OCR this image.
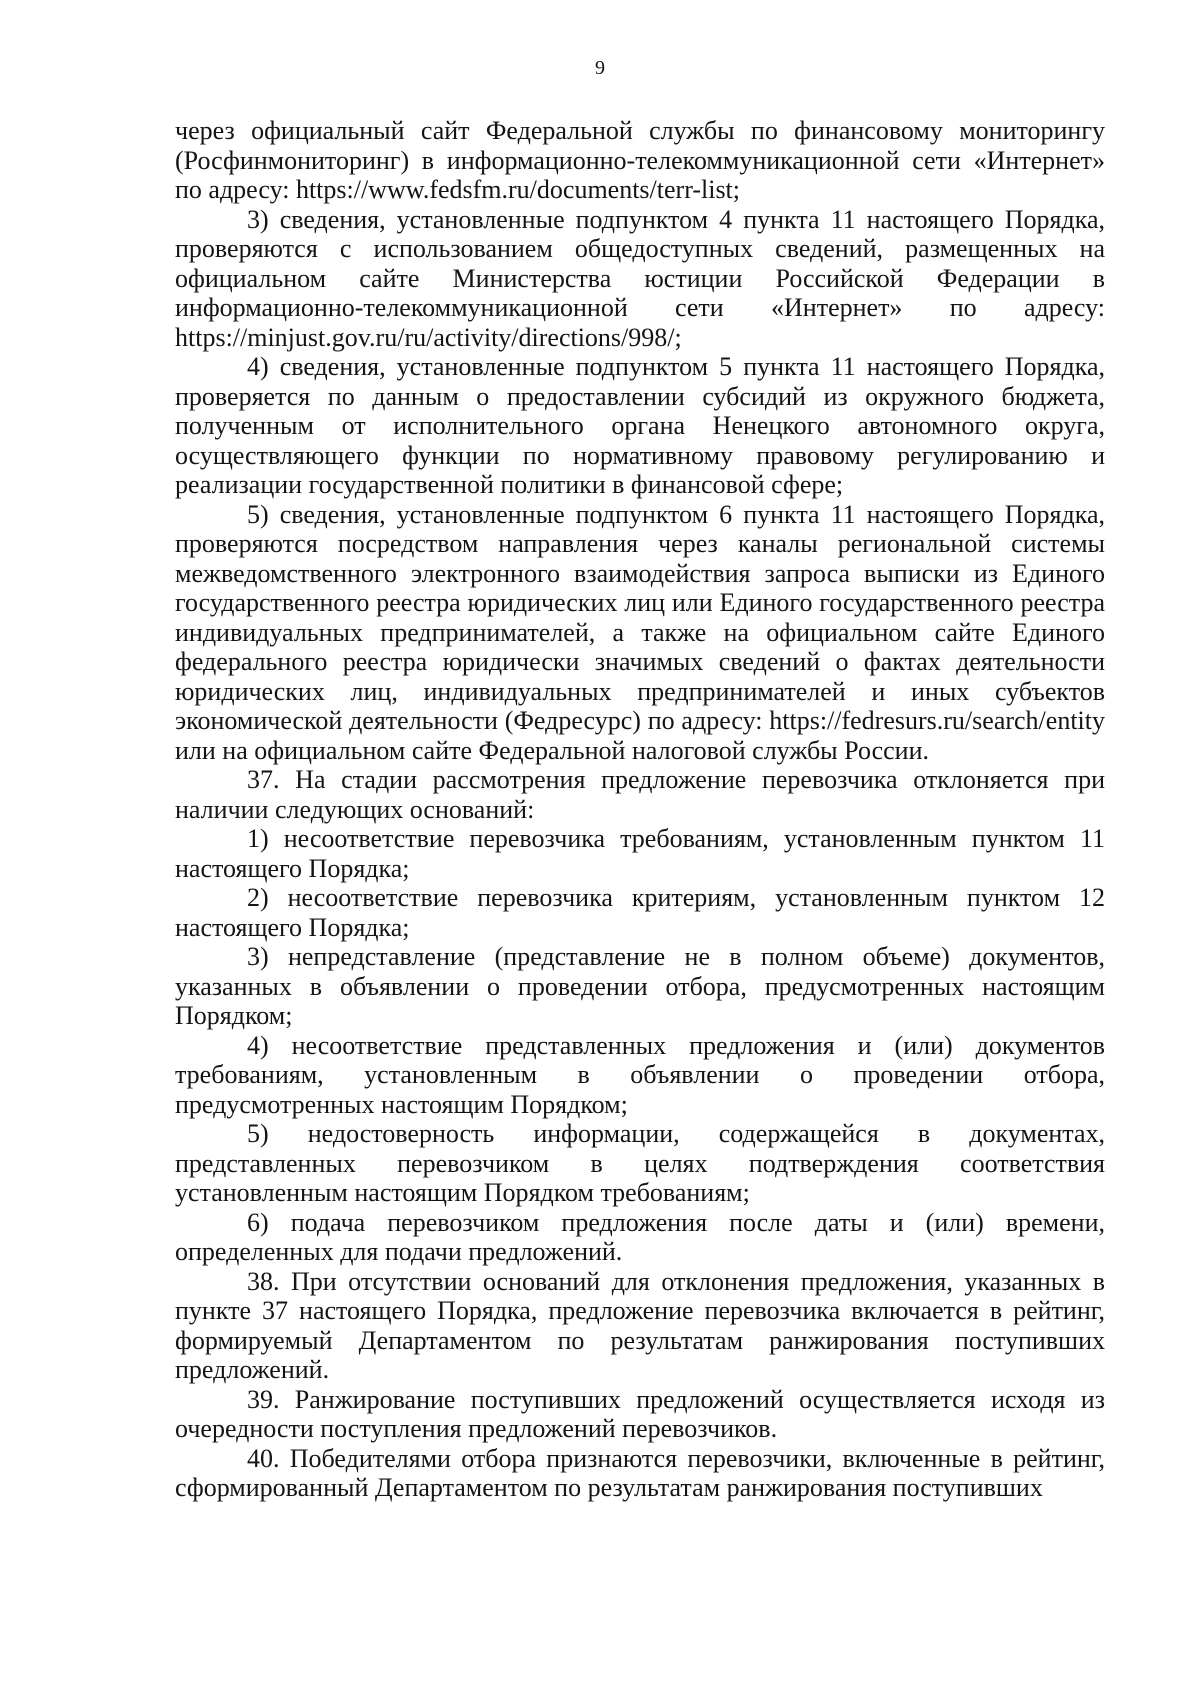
9

через официальный сайт Федеральной службы по финансовому мониторингу (Росфинмониторинг) в информационно-телекоммуникационной сети «Интернет» по адресу: https://www.fedsfm.ru/documents/terr-list;

3) сведения, установленные подпунктом 4 пункта 11 настоящего Порядка, проверяются с использованием общедоступных сведений, размещенных на официальном сайте Министерства юстиции Российской Федерации в информационно-телекоммуникационной сети «Интернет» по адресу: https://minjust.gov.ru/ru/activity/directions/998/;

4) сведения, установленные подпунктом 5 пункта 11 настоящего Порядка, проверяется по данным о предоставлении субсидий из окружного бюджета, полученным от исполнительного органа Ненецкого автономного округа, осуществляющего функции по нормативному правовому регулированию и реализации государственной политики в финансовой сфере;

5) сведения, установленные подпунктом 6 пункта 11 настоящего Порядка, проверяются посредством направления через каналы региональной системы межведомственного электронного взаимодействия запроса выписки из Единого государственного реестра юридических лиц или Единого государственного реестра индивидуальных предпринимателей, а также на официальном сайте Единого федерального реестра юридически значимых сведений о фактах деятельности юридических лиц, индивидуальных предпринимателей и иных субъектов экономической деятельности (Федресурс) по адресу: https://fedresurs.ru/search/entity или на официальном сайте Федеральной налоговой службы России.

37. На стадии рассмотрения предложение перевозчика отклоняется при наличии следующих оснований:

1) несоответствие перевозчика требованиям, установленным пунктом 11 настоящего Порядка;

2) несоответствие перевозчика критериям, установленным пунктом 12 настоящего Порядка;

3) непредставление (представление не в полном объеме) документов, указанных в объявлении о проведении отбора, предусмотренных настоящим Порядком;

4) несоответствие представленных предложения и (или) документов требованиям, установленным в объявлении о проведении отбора, предусмотренных настоящим Порядком;

5) недостоверность информации, содержащейся в документах, представленных перевозчиком в целях подтверждения соответствия установленным настоящим Порядком требованиям;

6) подача перевозчиком предложения после даты и (или) времени, определенных для подачи предложений.

38. При отсутствии оснований для отклонения предложения, указанных в пункте 37 настоящего Порядка, предложение перевозчика включается в рейтинг, формируемый Департаментом по результатам ранжирования поступивших предложений.

39. Ранжирование поступивших предложений осуществляется исходя из очередности поступления предложений перевозчиков.

40. Победителями отбора признаются перевозчики, включенные в рейтинг, сформированный Департаментом по результатам ранжирования поступивших
